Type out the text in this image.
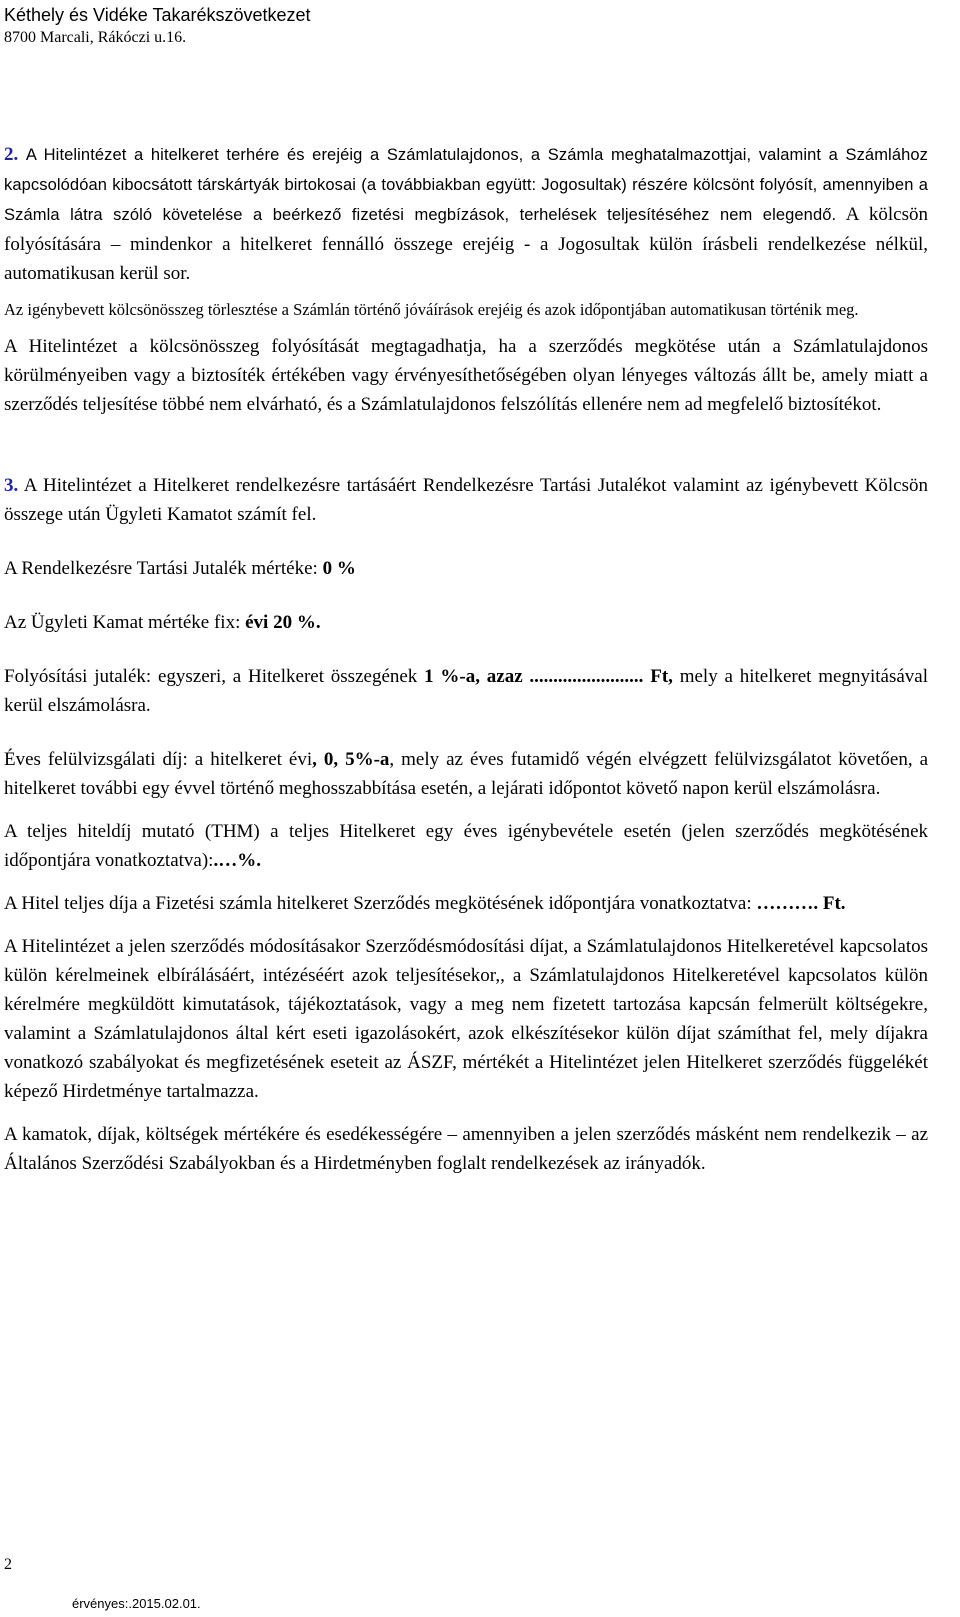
Kéthely és Vidéke Takarékszövetkezet
8700 Marcali, Rákóczi u.16.

2. A Hitelintézet a hitelkeret terhére és erejéig a Számlatulajdonos, a Számla meghatalmazottjai, valamint a Számlához kapcsolódóan kibocsátott társkártyák birtokosai (a továbbiakban együtt: Jogosultak) részére kölcsönt folyósít, amennyiben a Számla látra szóló követelése a beérkező fizetési megbízások, terhelések teljesítéséhez nem elegendő. A kölcsön folyósítására – mindenkor a hitelkeret fennálló összege erejéig - a Jogosultak külön írásbeli rendelkezése nélkül, automatikusan kerül sor.

Az igénybevett kölcsönösszeg törlesztése a Számlán történő jóváírások erejéig és azok időpontjában automatikusan történik meg.

A Hitelintézet a kölcsönösszeg folyósítását megtagadhatja, ha a szerződés megkötése után a Számlatulajdonos körülményeiben vagy a biztosíték értékében vagy érvényesíthetőségében olyan lényeges változás állt be, amely miatt a szerződés teljesítése többé nem elvárható, és a Számlatulajdonos felszólítás ellenére nem ad megfelelő biztosítékot.

3. A Hitelintézet a Hitelkeret rendelkezésre tartásáért Rendelkezésre Tartási Jutalékot valamint az igénybevett Kölcsön összege után Ügyleti Kamatot számít fel.

A Rendelkezésre Tartási Jutalék mértéke: 0 %

Az Ügyleti Kamat mértéke fix: évi 20 %.

Folyósítási jutalék: egyszeri, a Hitelkeret összegének 1 %-a, azaz ........................ Ft, mely a hitelkeret megnyitásával kerül elszámolásra.

Éves felülvizsgálati díj: a hitelkeret évi, 0, 5%-a, mely az éves futamidő végén elvégzett felülvizsgálatot követően, a hitelkeret további egy évvel történő meghosszabbítása esetén, a lejárati időpontot követő napon kerül elszámolásra.

A teljes hiteldíj mutató (THM) a teljes Hitelkeret egy éves igénybevétele esetén (jelen szerződés megkötésének időpontjára vonatkoztatva):.…%.

A Hitel teljes díja a Fizetési számla hitelkeret Szerződés megkötésének időpontjára vonatkoztatva: ………. Ft.

A Hitelintézet a jelen szerződés módosításakor Szerződésmódosítási díjat, a Számlatulajdonos Hitelkeretével kapcsolatos külön kérelmeinek elbírálásáért, intézéséért azok teljesítésekor,, a Számlatulajdonos Hitelkeretével kapcsolatos külön kérelmére megküldött kimutatások, tájékoztatások, vagy a meg nem fizetett tartozása kapcsán felmerült költségekre, valamint a Számlatulajdonos által kért eseti igazolásokért, azok elkészítésekor külön díjat számíthat fel, mely díjakra vonatkozó szabályokat és megfizetésének eseteit az ÁSZF, mértékét a Hitelintézet jelen Hitelkeret szerződés függelékét képező Hirdetménye tartalmazza.

A kamatok, díjak, költségek mértékére és esedékességére – amennyiben a jelen szerződés másként nem rendelkezik – az Általános Szerződési Szabályokban és a Hirdetményben foglalt rendelkezések az irányadók.

2
érvényes:.2015.02.01.
